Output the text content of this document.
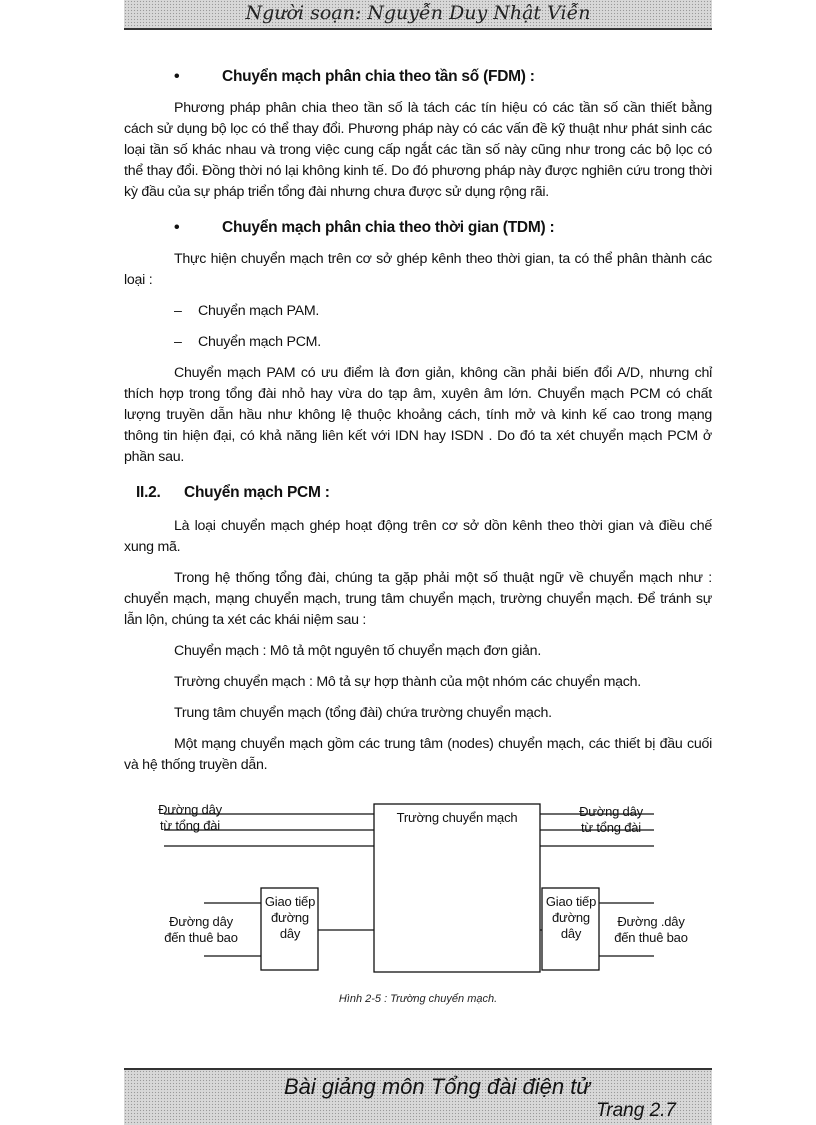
Người soạn: Nguyễn Duy Nhật Viễn
•	Chuyển mạch phân chia theo tần số (FDM) :

Phương pháp phân chia theo tần số là tách các tín hiệu có các tần số cần thiết bằng cách sử dụng bộ lọc có thể thay đổi. Phương pháp này có các vấn đề kỹ thuật như phát sinh các loại tần số khác nhau và trong việc cung cấp ngắt các tần số này cũng như trong các bộ lọc có thể thay đổi. Đồng thời nó lại không kinh tế. Do đó phương pháp này được nghiên cứu trong thời kỳ đầu của sự pháp triển tổng đài nhưng chưa được sử dụng rộng rãi.

•	Chuyển mạch phân chia theo thời gian (TDM) :

Thực hiện chuyển mạch trên cơ sở ghép kênh theo thời gian, ta có thể phân thành các loại :

– Chuyển mạch PAM.
– Chuyển mạch PCM.

Chuyển mạch PAM có ưu điểm là đơn giản, không cần phải biến đổi A/D, nhưng chỉ thích hợp trong tổng đài nhỏ hay vừa do tạp âm, xuyên âm lớn. Chuyển mạch PCM có chất lượng truyền dẫn hầu như không lệ thuộc khoảng cách, tính mở và kinh kế cao trong mạng thông tin hiện đại, có khả năng liên kết với IDN hay ISDN . Do đó ta xét chuyển mạch PCM ở phần sau.

II.2. Chuyển mạch PCM :

Là loại chuyển mạch ghép hoạt động trên cơ sở dồn kênh theo thời gian và điều chế xung mã.

Trong hệ thống tổng đài, chúng ta gặp phải một số thuật ngữ về chuyển mạch như : chuyển mạch, mạng chuyển mạch, trung tâm chuyển mạch, trường chuyển mạch. Để tránh sự lẫn lộn, chúng ta xét các khái niệm sau :

Chuyển mạch : Mô tả một nguyên tố chuyển mạch đơn giản.

Trường chuyển mạch : Mô tả sự hợp thành của một nhóm các chuyển mạch.

Trung tâm chuyển mạch (tổng đài) chứa trường chuyển mạch.

Một mạng chuyển mạch gồm các trung tâm (nodes) chuyển mạch, các thiết bị đầu cuối và hệ thống truyền dẫn.

Trường chuyển mạch
Đường dây từ tổng đài
Đường dây từ tổng đài
Giao tiếp đường dây
Giao tiếp đường dây
Đường dây đến thuê bao
Đường .dây đến thuê bao
Hình 2-5 : Trường chuyển mạch.
Bài giảng môn Tổng đài điện tử
Trang 2.7
